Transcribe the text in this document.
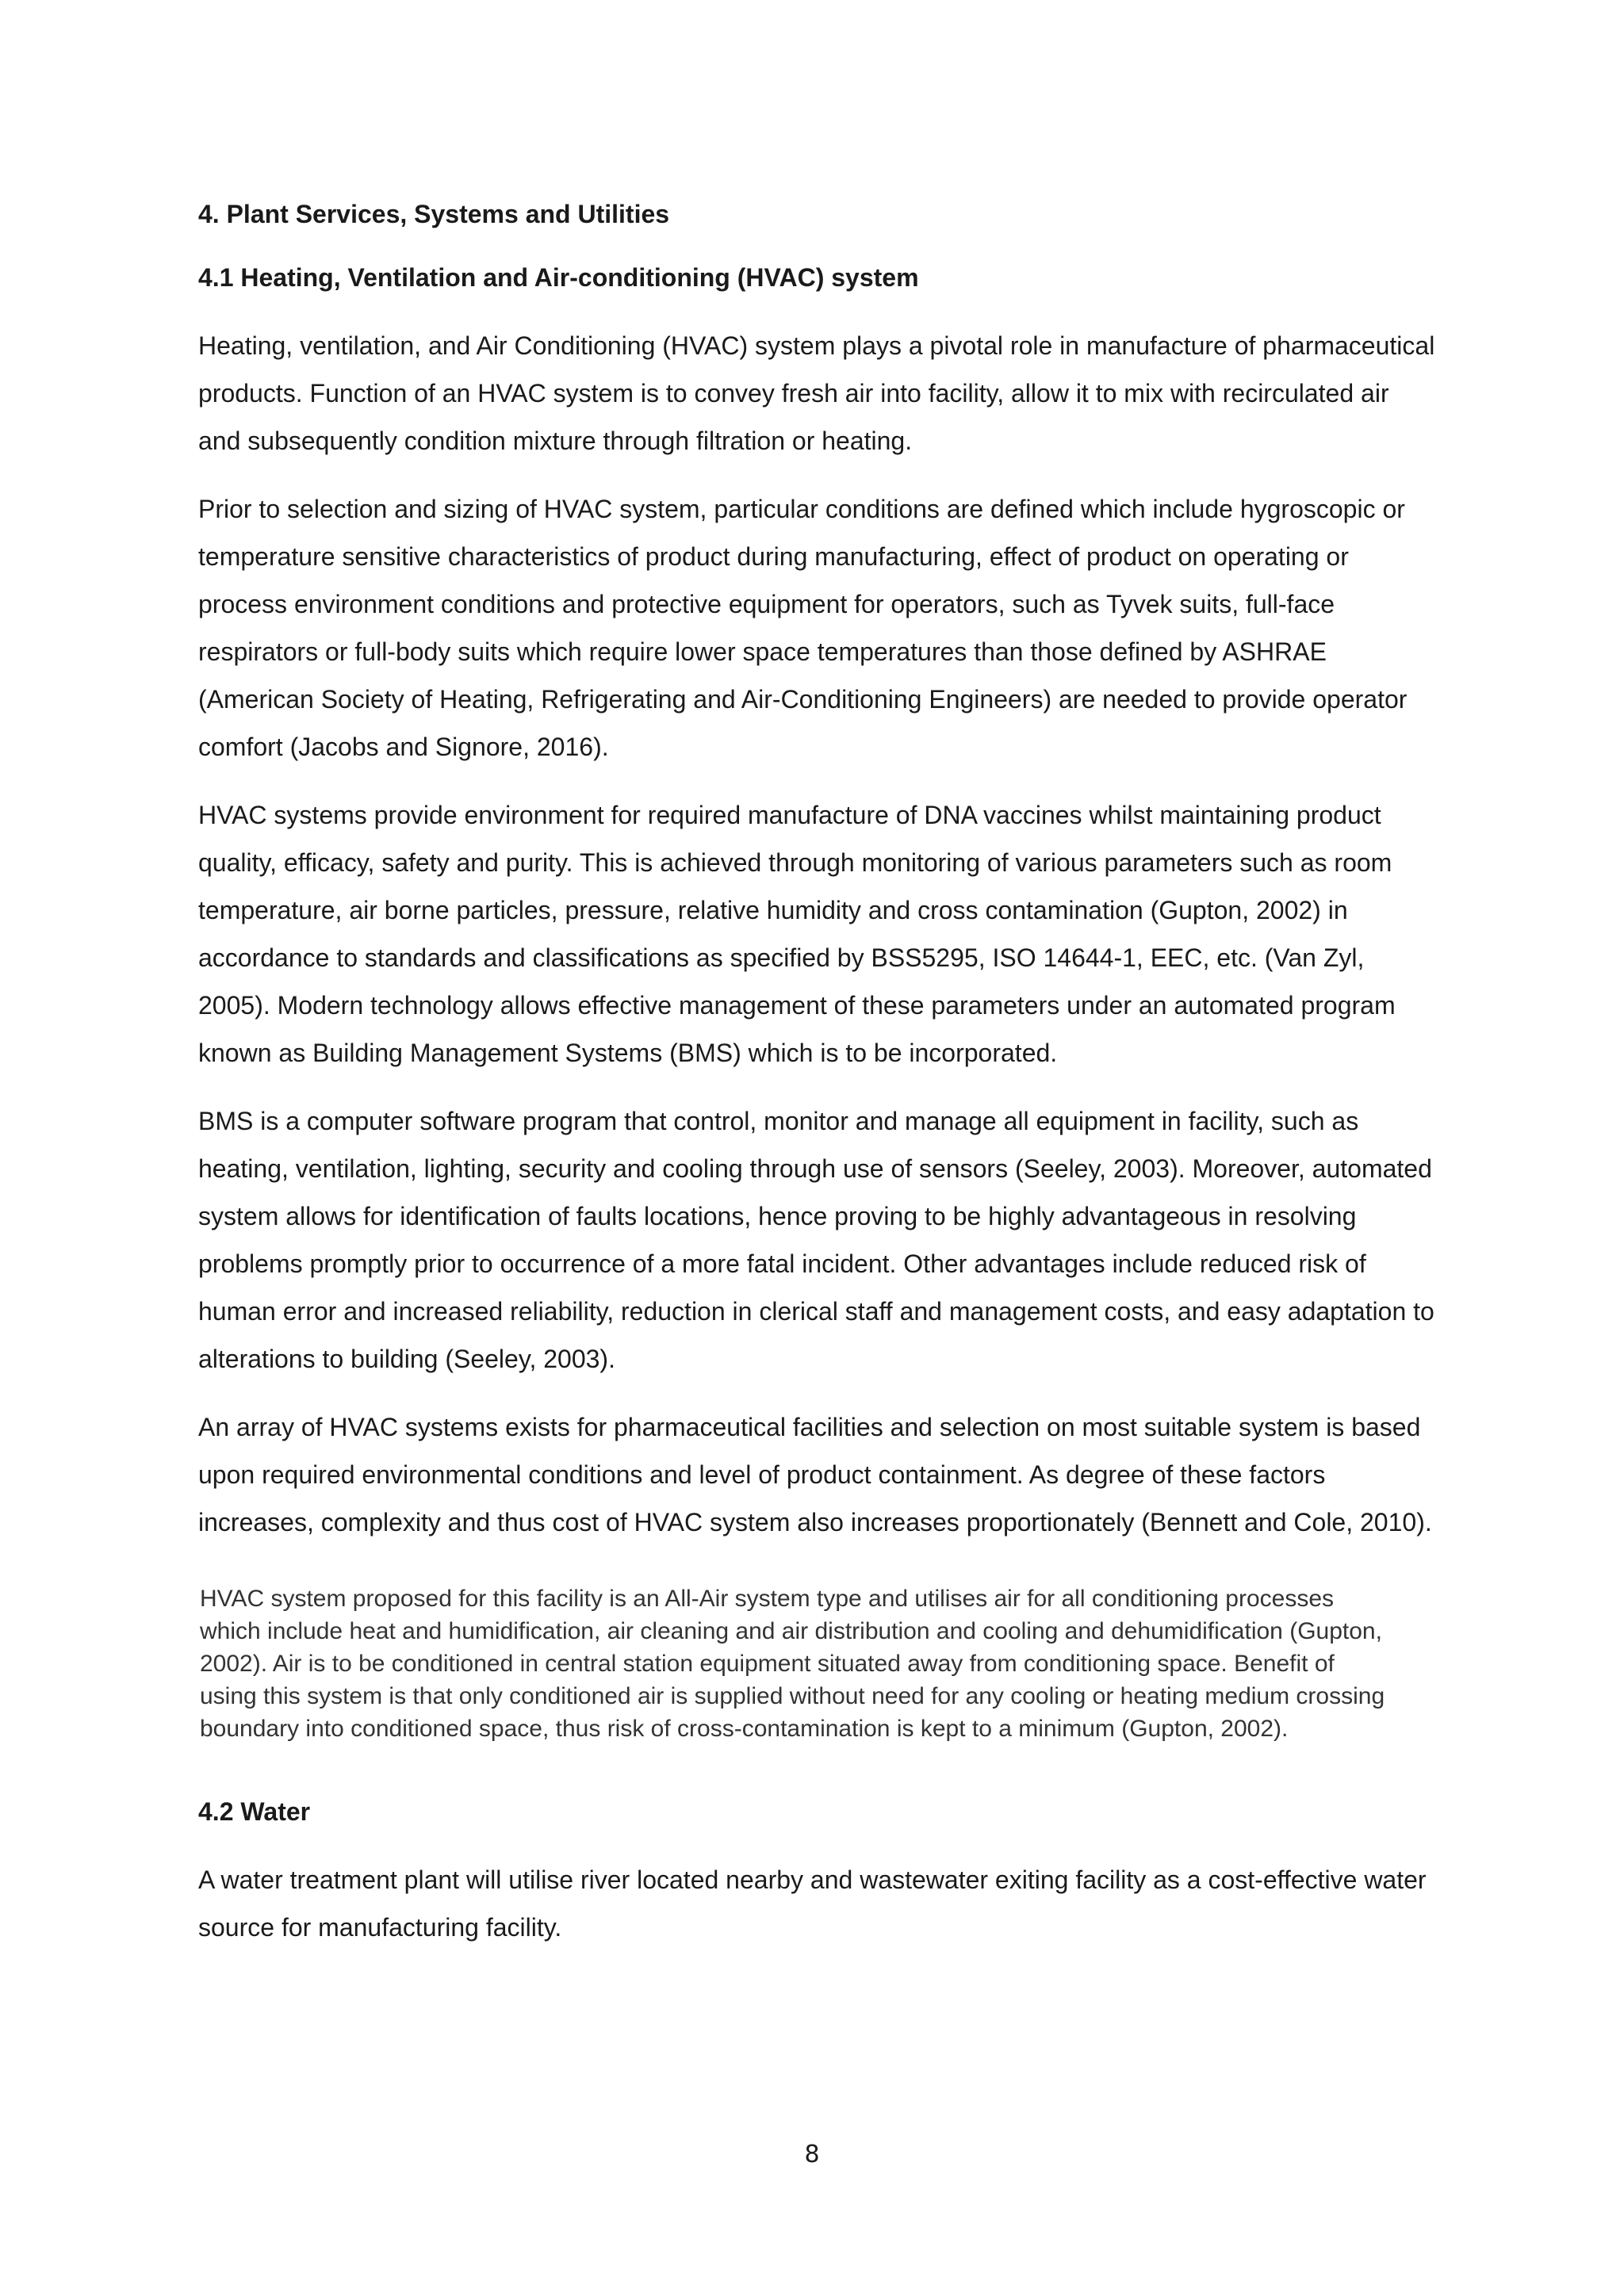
4. Plant Services, Systems and Utilities
4.1 Heating, Ventilation and Air-conditioning (HVAC) system

Heating, ventilation, and Air Conditioning (HVAC) system plays a pivotal role in manufacture of pharmaceutical products. Function of an HVAC system is to convey fresh air into facility, allow it to mix with recirculated air and subsequently condition mixture through filtration or heating.

Prior to selection and sizing of HVAC system, particular conditions are defined which include hygroscopic or temperature sensitive characteristics of product during manufacturing, effect of product on operating or process environment conditions and protective equipment for operators, such as Tyvek suits, full-face respirators or full-body suits which require lower space temperatures than those defined by ASHRAE (American Society of Heating, Refrigerating and Air-Conditioning Engineers) are needed to provide operator comfort (Jacobs and Signore, 2016).

HVAC systems provide environment for required manufacture of DNA vaccines whilst maintaining product quality, efficacy, safety and purity. This is achieved through monitoring of various parameters such as room temperature, air borne particles, pressure, relative humidity and cross contamination (Gupton, 2002) in accordance to standards and classifications as specified by BSS5295, ISO 14644-1, EEC, etc. (Van Zyl, 2005). Modern technology allows effective management of these parameters under an automated program known as Building Management Systems (BMS) which is to be incorporated.

BMS is a computer software program that control, monitor and manage all equipment in facility, such as heating, ventilation, lighting, security and cooling through use of sensors (Seeley, 2003). Moreover, automated system allows for identification of faults locations, hence proving to be highly advantageous in resolving problems promptly prior to occurrence of a more fatal incident. Other advantages include reduced risk of human error and increased reliability, reduction in clerical staff and management costs, and easy adaptation to alterations to building (Seeley, 2003).

An array of HVAC systems exists for pharmaceutical facilities and selection on most suitable system is based upon required environmental conditions and level of product containment. As degree of these factors increases, complexity and thus cost of HVAC system also increases proportionately (Bennett and Cole, 2010).

HVAC system proposed for this facility is an All-Air system type and utilises air for all conditioning processes which include heat and humidification, air cleaning and air distribution and cooling and dehumidification (Gupton, 2002). Air is to be conditioned in central station equipment situated away from conditioning space. Benefit of using this system is that only conditioned air is supplied without need for any cooling or heating medium crossing boundary into conditioned space, thus risk of cross-contamination is kept to a minimum (Gupton, 2002).

4.2 Water

A water treatment plant will utilise river located nearby and wastewater exiting facility as a cost-effective water source for manufacturing facility.

8
